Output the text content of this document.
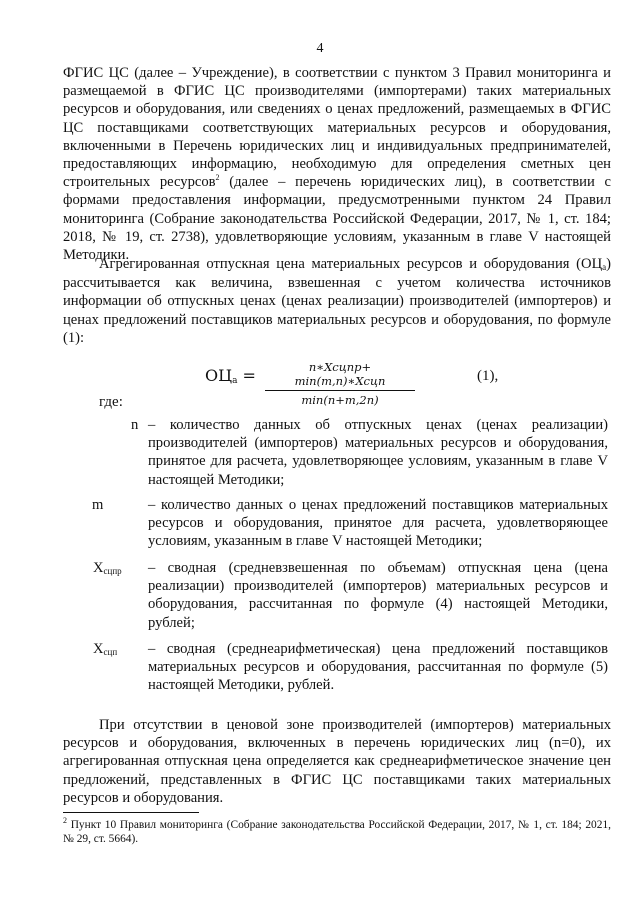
4
ФГИС ЦС (далее – Учреждение), в соответствии с пунктом 3 Правил мониторинга и размещаемой в ФГИС ЦС производителями (импортерами) таких материальных ресурсов и оборудования, или сведениях о ценах предложений, размещаемых в ФГИС ЦС поставщиками соответствующих материальных ресурсов и оборудования, включенными в Перечень юридических лиц и индивидуальных предпринимателей, предоставляющих информацию, необходимую для определения сметных цен строительных ресурсов$^2$ (далее – перечень юридических лиц), в соответствии с формами предоставления информации, предусмотренными пунктом 24 Правил мониторинга (Собрание законодательства Российской Федерации, 2017, № 1, ст. 184; 2018, № 19, ст. 2738), удовлетворяющие условиям, указанным в главе V настоящей Методики.
Агрегированная отпускная цена материальных ресурсов и оборудования (ОЦа) рассчитывается как величина, взвешенная с учетом количества источников информации об отпускных ценах (ценах реализации) производителей (импортеров) и ценах предложений поставщиков материальных ресурсов и оборудования, по формуле (1):
ОЦа =	n∗Xсцпр+ min(m,n)∗Xсцп
min(n+m,2n)
(1),
где:
n – количество данных об отпускных ценах (ценах реализации) производителей (импортеров) материальных ресурсов и оборудования, принятое для расчета, удовлетворяющее условиям, указанным в главе V настоящей Методики;
m	– количество данных о ценах предложений поставщиков материальных ресурсов и оборудования, принятое для расчета, удовлетворяющее условиям, указанным в главе V настоящей Методики;
Xсцпр – сводная (средневзвешенная по объемам) отпускная цена (цена реализации) производителей (импортеров) материальных ресурсов и оборудования, рассчитанная по формуле (4) настоящей Методики, рублей;
Xсцп – сводная (среднеарифметическая) цена предложений поставщиков материальных ресурсов и оборудования, рассчитанная по формуле (5) настоящей Методики, рублей.
При отсутствии в ценовой зоне производителей (импортеров) материальных ресурсов и оборудования, включенных в перечень юридических лиц (n=0), их агрегированная отпускная цена определяется как среднеарифметическое значение цен предложений, представленных в ФГИС ЦС поставщиками таких материальных ресурсов и оборудования.
$^2$ Пункт 10 Правил мониторинга (Собрание законодательства Российской Федерации, 2017, № 1, ст. 184; 2021, № 29, ст. 5664).
